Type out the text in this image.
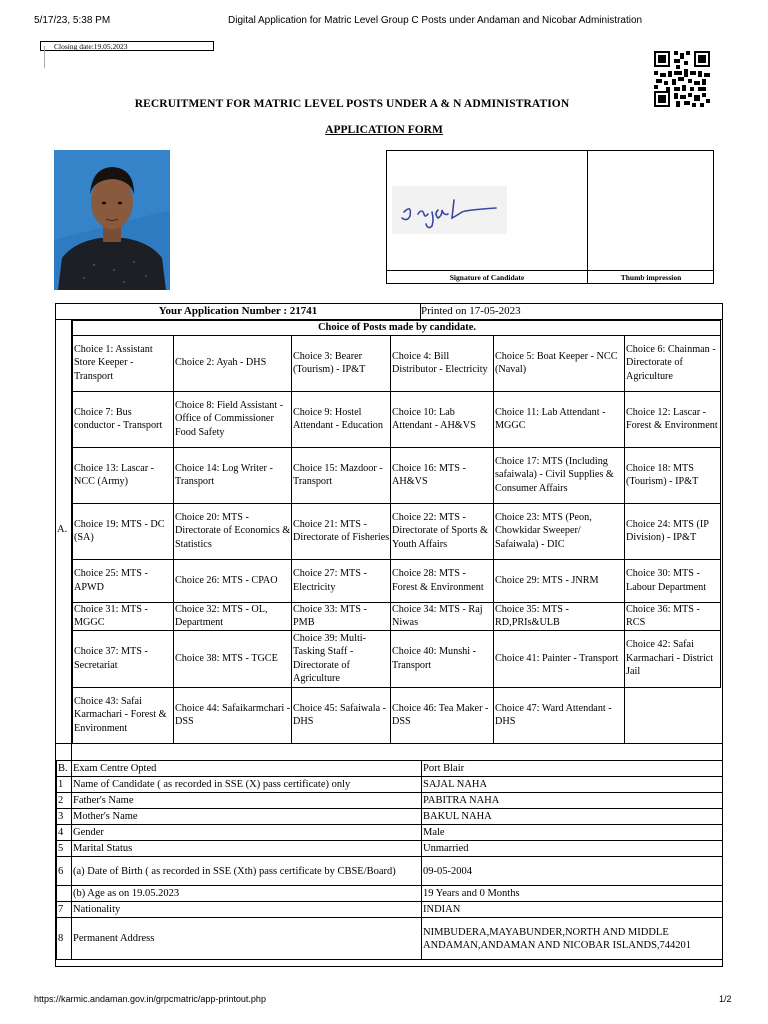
5/17/23, 5:38 PM	Digital Application for Matric Level Group C Posts under Andaman and Nicobar Administration
Closing date:19.05.2023
RECRUITMENT FOR MATRIC LEVEL POSTS UNDER A & N ADMINISTRATION
APPLICATION FORM
Signature of Candidate	Thumb impression
Your Application Number : 21741	Printed on 17-05-2023
A.
Choice of Posts made by candidate.					
Choice 1: Assistant Store Keeper - Transport	Choice 2: Ayah - DHS	Choice 3: Bearer (Tourism) - IP&T	Choice 4: Bill Distributor - Electricity	Choice 5: Boat Keeper - NCC (Naval)	Choice 6: Chainman - Directorate of Agriculture
Choice 7: Bus conductor - Transport	Choice 8: Field Assistant - Office of Commissioner Food Safety	Choice 9: Hostel Attendant - Education	Choice 10: Lab Attendant - AH&VS	Choice 11: Lab Attendant - MGGC	Choice 12: Lascar - Forest & Environment
Choice 13: Lascar - NCC (Army)	Choice 14: Log Writer - Transport	Choice 15: Mazdoor - Transport	Choice 16: MTS - AH&VS	Choice 17: MTS (Including safaiwala) - Civil Supplies & Consumer Affairs	Choice 18: MTS (Tourism) - IP&T
Choice 19: MTS - DC (SA)	Choice 20: MTS - Directorate of Economics & Statistics	Choice 21: MTS - Directorate of Fisheries	Choice 22: MTS - Directorate of Sports & Youth Affairs	Choice 23: MTS (Peon, Chowkidar Sweeper/ Safaiwala) - DIC	Choice 24: MTS (IP Division) - IP&T
Choice 25: MTS - APWD	Choice 26: MTS - CPAO	Choice 27: MTS - Electricity	Choice 28: MTS - Forest & Environment	Choice 29: MTS - JNRM	Choice 30: MTS - Labour Department
Choice 31: MTS - MGGC	Choice 32: MTS - OL, Department	Choice 33: MTS - PMB	Choice 34: MTS - Raj Niwas	Choice 35: MTS - RD,PRIs&ULB	Choice 36: MTS - RCS
Choice 37: MTS - Secretariat	Choice 38: MTS - TGCE	Choice 39: Multi-Tasking Staff - Directorate of Agriculture	Choice 40: Munshi - Transport	Choice 41: Painter - Transport	Choice 42: Safai Karmachari - District Jail
Choice 43: Safai Karmachari - Forest & Environment	Choice 44: Safaikarmchari - DSS	Choice 45: Safaiwala - DHS	Choice 46: Tea Maker - DSS	Choice 47: Ward Attendant - DHS	
B.	Exam Centre Opted	Port Blair
1	Name of Candidate ( as recorded in SSE (X) pass certificate) only	SAJAL NAHA
2	Father's Name	PABITRA NAHA
3	Mother's Name	BAKUL NAHA
4	Gender	Male
5	Marital Status	Unmarried
6	(a) Date of Birth ( as recorded in SSE (Xth) pass certificate by CBSE/Board)	09-05-2004
	(b) Age as on 19.05.2023	19 Years and 0 Months
7	Nationality	INDIAN
8	Permanent Address	NIMBUDERA,MAYABUNDER,NORTH AND MIDDLE ANDAMAN,ANDAMAN AND NICOBAR ISLANDS,744201
https://karmic.andaman.gov.in/grpcmatric/app-printout.php	1/2
